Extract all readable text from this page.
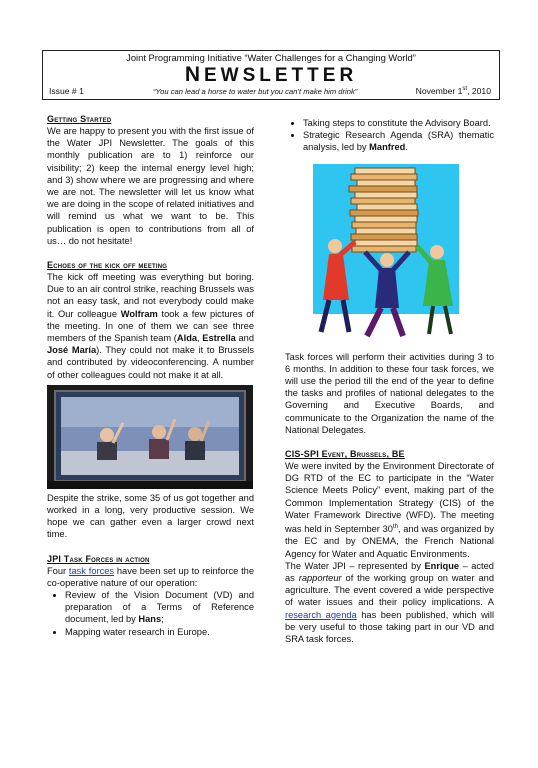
Joint Programming Initiative “Water Challenges for a Changing World”
NEWSLETTER
Issue # 1	“You can lead a horse to water but you can’t make him drink”	November 1st, 2010
Getting Started

We are happy to present you with the first issue of the Water JPI Newsletter. The goals of this monthly publication are to 1) reinforce our visibility; 2) keep the internal energy level high; and 3) show where we are progressing and where we are not. The newsletter will let us know what we are doing in the scope of related initiatives and will remind us what we want to be. This publication is open to contributions from all of us… do not hesitate!

Echoes of the kick off meeting

The kick off meeting was everything but boring. Due to an air control strike, reaching Brussels was not an easy task, and not everybody could make it. Our colleague Wolfram took a few pictures of the meeting. In one of them we can see three members of the Spanish team (Alda, Estrella and José María). They could not make it to Brussels and contributed by videoconferencing. A number of other colleagues could not make it at all.

Despite the strike, some 35 of us got together and worked in a long, very productive session. We hope we can gather even a larger crowd next time.

JPI Task Forces in action

Four task forces have been set up to reinforce the co-operative nature of our operation:

• Review of the Vision Document (VD) and preparation of a Terms of Reference document, led by Hans;
• Mapping water research in Europe.
• Taking steps to constitute the Advisory Board.
• Strategic Research Agenda (SRA) thematic analysis, led by Manfred.

Task forces will perform their activities during 3 to 6 months. In addition to these four task forces, we will use the period till the end of the year to define the tasks and profiles of national delegates to the Governing and Executive Boards, and communicate to the Organization the name of the National Delegates.

CIS-SPI Event, Brussels, BE

We were invited by the Environment Directorate of DG RTD of the EC to participate in the “Water Science Meets Policy” event, making part of the Common Implementation Strategy (CIS) of the Water Framework Directive (WFD). The meeting was held in September 30th, and was organized by the EC and by ONEMA, the French National Agency for Water and Aquatic Environments.

The Water JPI – represented by Enrique – acted as rapporteur of the working group on water and agriculture. The event covered a wide perspective of water issues and their policy implications. A research agenda has been published, which will be very useful to those taking part in our VD and SRA task forces.
